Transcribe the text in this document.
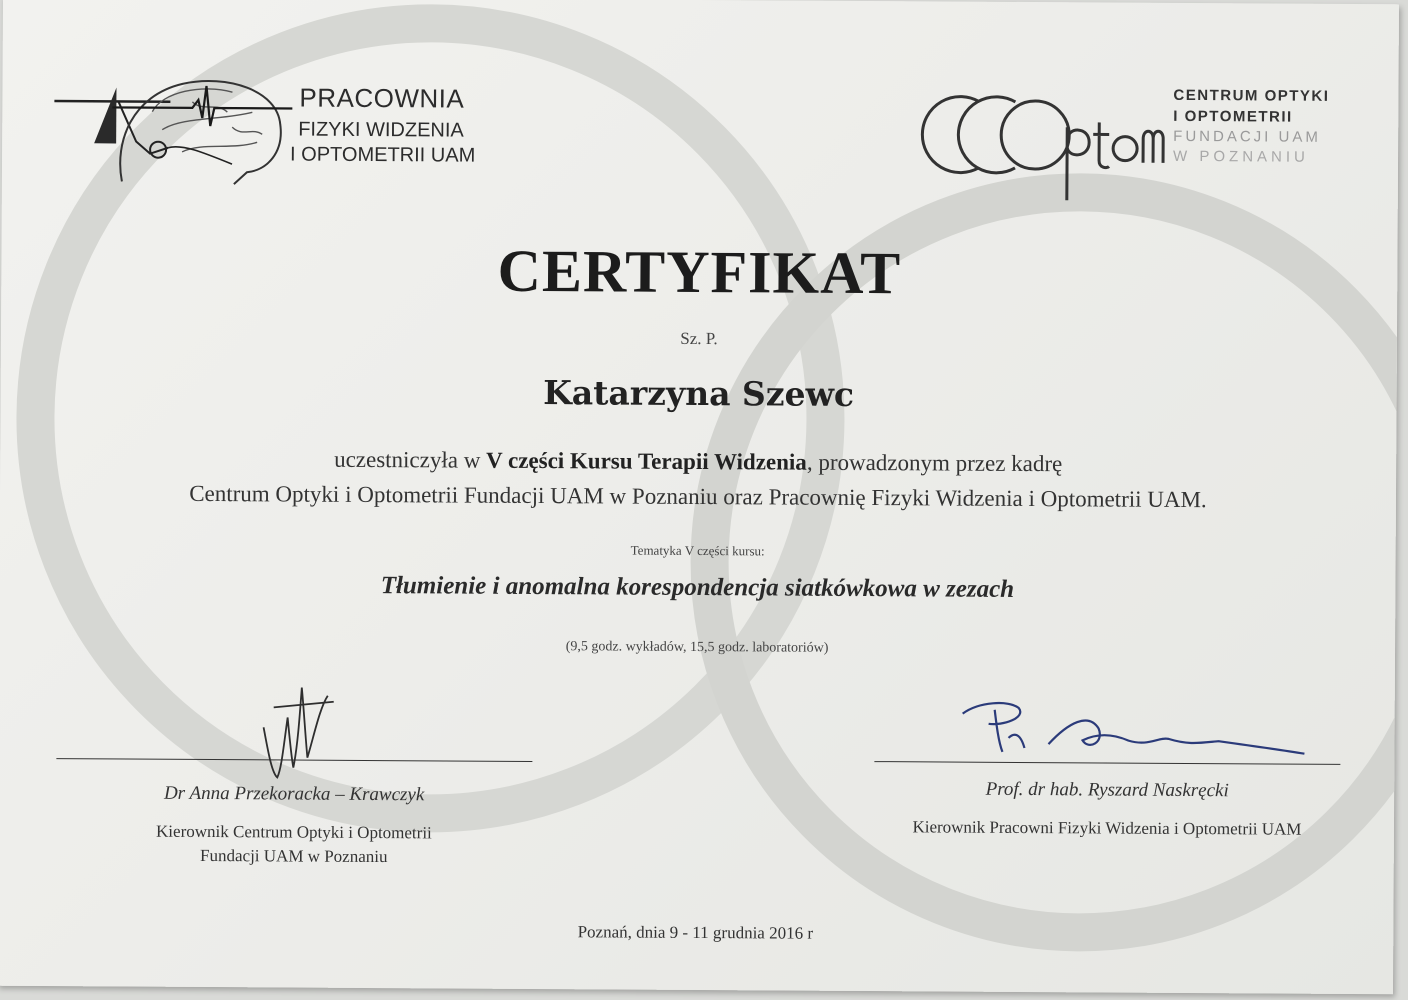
PRACOWNIA
FIZYKI WIDZENIA
I OPTOMETRII UAM
CENTRUM OPTYKI
I OPTOMETRII
FUNDACJI UAM
W POZNANIU
CERTYFIKAT
Sz. P.
Katarzyna Szewc
uczestniczyła w V części Kursu Terapii Widzenia, prowadzonym przez kadrę
Centrum Optyki i Optometrii Fundacji UAM w Poznaniu oraz Pracownię Fizyki Widzenia i Optometrii UAM.
Tematyka V części kursu:
Tłumienie i anomalna korespondencja siatkówkowa w zezach
(9,5 godz. wykładów, 15,5 godz. laboratoriów)
Dr Anna Przekoracka – Krawczyk
Kierownik Centrum Optyki i Optometrii
Fundacji UAM w Poznaniu
Prof. dr hab. Ryszard Naskręcki
Kierownik Pracowni Fizyki Widzenia i Optometrii UAM
Poznań, dnia 9 - 11 grudnia 2016 r
